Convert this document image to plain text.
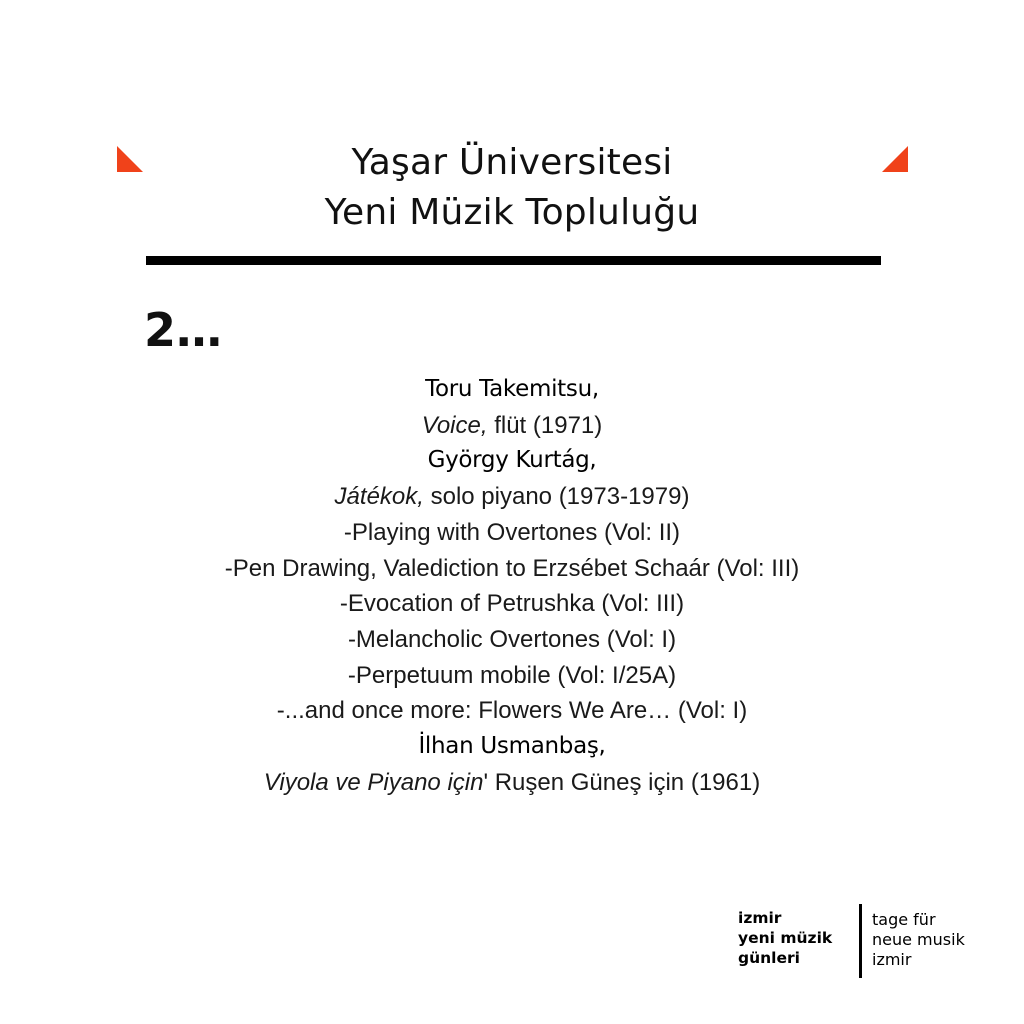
Yaşar Üniversitesi
Yeni Müzik Topluluğu
2…
Toru Takemitsu,
Voice, flüt (1971)
György Kurtág,
Játékok, solo piyano (1973-1979)
-Playing with Overtones (Vol: II)
-Pen Drawing, Valediction to Erzsébet Schaár (Vol: III)
-Evocation of Petrushka (Vol: III)
-Melancholic Overtones (Vol: I)
-Perpetuum mobile (Vol: I/25A)
-...and once more: Flowers We Are… (Vol: I)
İlhan Usmanbaş,
Viyola ve Piyano için' Ruşen Güneş için (1961)
izmir
yeni müzik
günleri
tage für
neue musik
izmir
